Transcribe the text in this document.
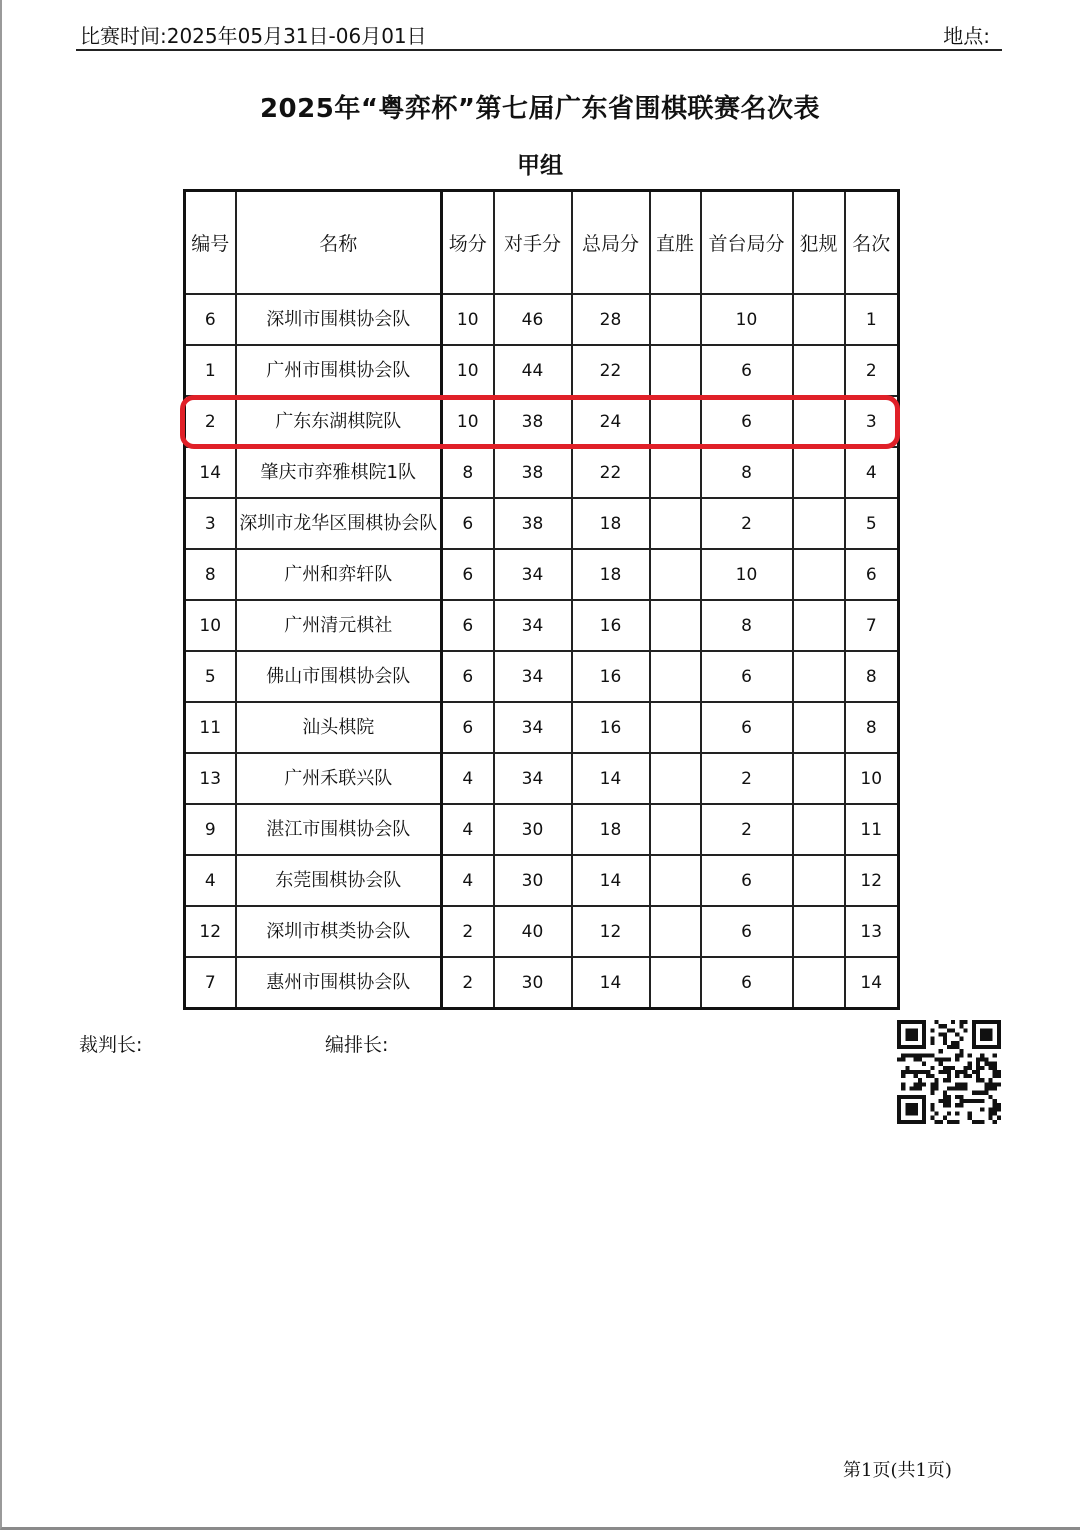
比赛时间:2025年05月31日-06月01日	地点:
2025年“粤弈杯”第七届广东省围棋联赛名次表
甲组
编号	名称	场分	对手分	总局分	直胜	首台局分	犯规	名次
6	深圳市围棋协会队	10	46	28		10		1
1	广州市围棋协会队	10	44	22		6		2
2	广东东湖棋院队	10	38	24		6		3
14	肇庆市弈雅棋院1队	8	38	22		8		4
3	深圳市龙华区围棋协会队	6	38	18		2		5
8	广州和弈轩队	6	34	18		10		6
10	广州清元棋社	6	34	16		8		7
5	佛山市围棋协会队	6	34	16		6		8
11	汕头棋院	6	34	16		6		8
13	广州禾联兴队	4	34	14		2		10
9	湛江市围棋协会队	4	30	18		2		11
4	东莞围棋协会队	4	30	14		6		12
12	深圳市棋类协会队	2	40	12		6		13
7	惠州市围棋协会队	2	30	14		6		14
裁判长:	编排长:
第1页(共1页)
